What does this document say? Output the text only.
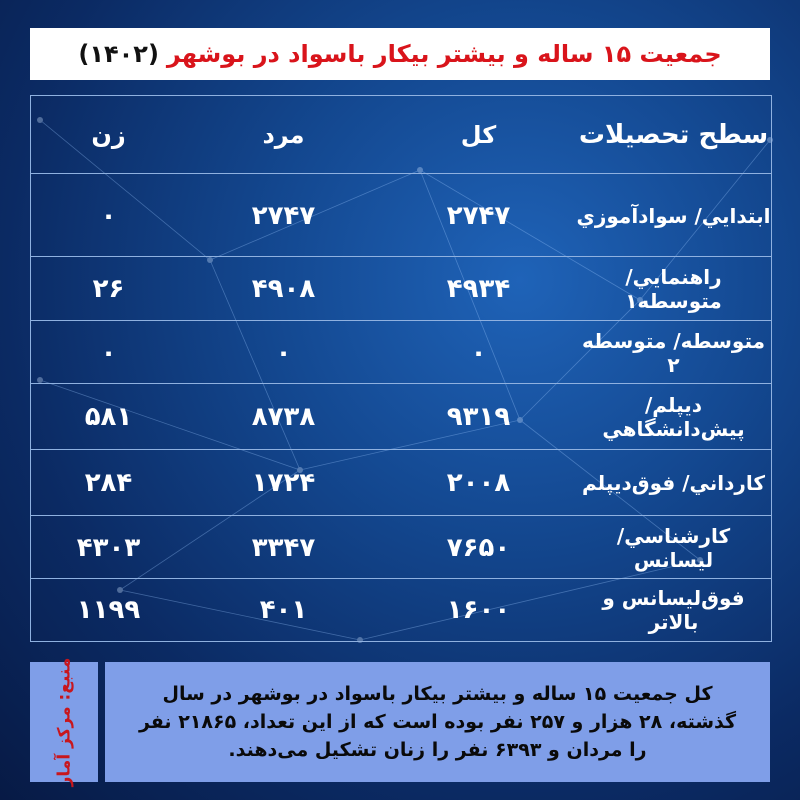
جمعیت ۱۵ ساله و بیشتر بیکار باسواد در بوشهر
(۱۴۰۲)
سطح تحصیلات
کل
مرد
زن
ابتدایي/ سوادآموزي
۲۷۴۷
۲۷۴۷
۰
راهنمايي/ متوسطه۱
۴۹۳۴
۴۹۰۸
۲۶
متوسطه/ متوسطه ۲
۰
۰
۰
ديپلم/ پيش‌دانشگاهي
۹۳۱۹
۸۷۳۸
۵۸۱
كارداني/ فوق‌ديپلم
۲۰۰۸
۱۷۲۴
۲۸۴
كارشناسي/ ليسانس
۷۶۵۰
۳۳۴۷
۴۳۰۳
فوق‌ليسانس و بالاتر
۱۶۰۰
۴۰۱
۱۱۹۹
منبع: مرکز آمار	کل جمعیت ۱۵ ساله و بیشتر بیکار باسواد در بوشهر در سال گذشته، ۲۸ هزار و ۲۵۷ نفر بوده است که از این تعداد، ۲۱۸۶۵ نفر را مردان و ۶۳۹۳ نفر را زنان تشکیل می‌دهند.
